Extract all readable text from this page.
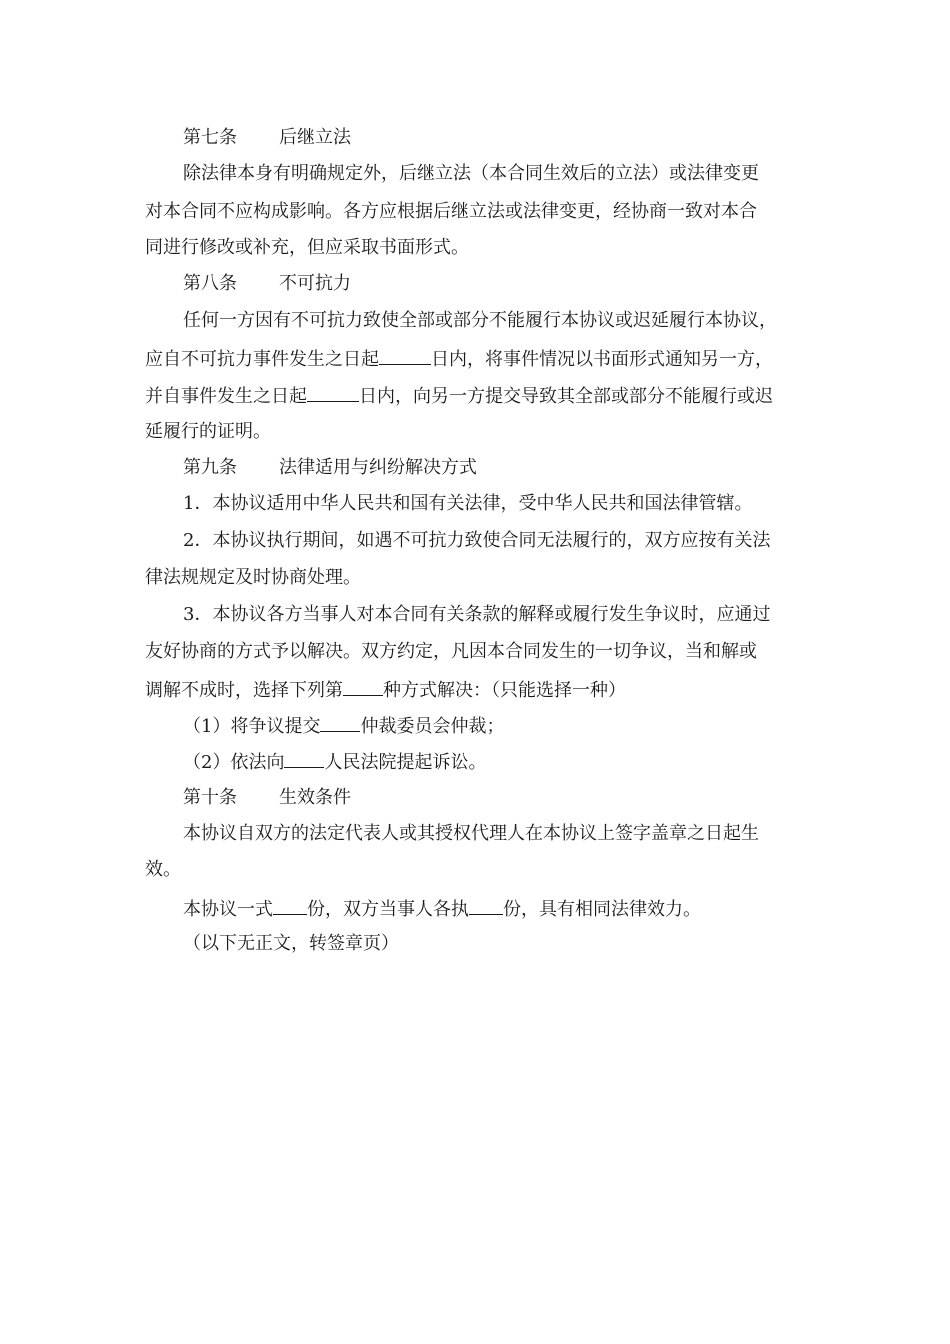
第七条 后继立法
除法律本身有明确规定外，后继立法（本合同生效后的立法）或法律变更
对本合同不应构成影响。各方应根据后继立法或法律变更，经协商一致对本合
同进行修改或补充，但应采取书面形式。
第八条 不可抗力
任何一方因有不可抗力致使全部或部分不能履行本协议或迟延履行本协议，
应自不可抗力事件发生之日起	日内，将事件情况以书面形式通知另一方，
并自事件发生之日起	日内，向另一方提交导致其全部或部分不能履行或迟
延履行的证明。
第九条 法律适用与纠纷解决方式
1．本协议适用中华人民共和国有关法律，受中华人民共和国法律管辖。
2．本协议执行期间，如遇不可抗力致使合同无法履行的，双方应按有关法
律法规规定及时协商处理。
3．本协议各方当事人对本合同有关条款的解释或履行发生争议时，应通过
友好协商的方式予以解决。双方约定，凡因本合同发生的一切争议，当和解或
调解不成时，选择下列第 种方式解决：（只能选择一种）
（1）将争议提交 仲裁委员会仲裁；
（2）依法向 人民法院提起诉讼。
第十条 生效条件
本协议自双方的法定代表人或其授权代理人在本协议上签字盖章之日起生
效。
本协议一式 份，双方当事人各执 份，具有相同法律效力。
（以下无正文，转签章页）
